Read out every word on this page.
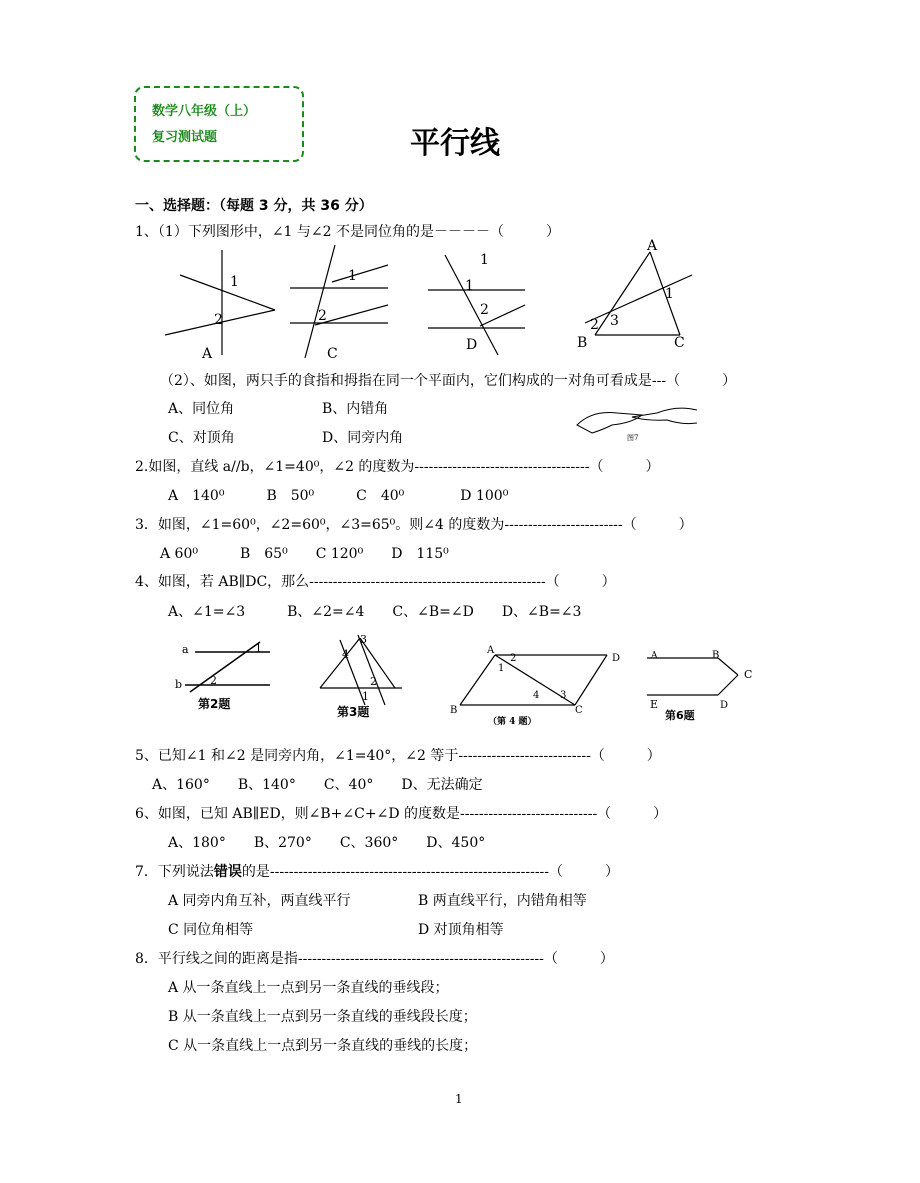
数学八年级（上）
复习测试题	平行线
一、选择题：（每题 3 分，共 36 分）
1、（1）下列图形中，∠1 与∠2 不是同位角的是－－－－（　　　）
1
2
A
1
2
C
1
1
2
D
A
1
2 3
B	C
（2）、如图，两只手的食指和拇指在同一个平面内，它们构成的一对角可看成是---（　　　）
A、同位角	B、内错角
C、对顶角	D、同旁内角	图7
2.如图，直线 a//b，∠1=40⁰，∠2 的度数为-------------------------------------（　　　）
A　140⁰　　　B　50⁰　　　C　40⁰　　　　D 100⁰
3．如图，∠1=60⁰，∠2=60⁰，∠3=65⁰。则∠4 的度数为-------------------------（　　　）
A 60⁰　　　B　65⁰　　C 120⁰　　D　115⁰
4、如图，若 AB∥DC，那么--------------------------------------------------（　　　）
A、∠1=∠3　　　B、∠2=∠4　　C、∠B=∠D　　D、∠B=∠3
a
b
1
2
第2题
3
4
2
1
第3题
A
2
1
D
B
4 3
C
（第 4 题）
A	B
C
E	D
第6题
5、已知∠1 和∠2 是同旁内角，∠1=40°，∠2 等于----------------------------（　　　）
A、160°　　B、140°　　C、40°　　D、无法确定
6、如图，已知 AB∥ED，则∠B+∠C+∠D 的度数是-----------------------------（　　　）
A、180°　　B、270°　　C、360°　　D、450°
7．下列说法错误的是-----------------------------------------------------------（　　　）
A 同旁内角互补，两直线平行	B 两直线平行，内错角相等
C 同位角相等	D 对顶角相等
8．平行线之间的距离是指----------------------------------------------------（　　　）
A 从一条直线上一点到另一条直线的垂线段；
B 从一条直线上一点到另一条直线的垂线段长度；
C 从一条直线上一点到另一条直线的垂线的长度；
1
